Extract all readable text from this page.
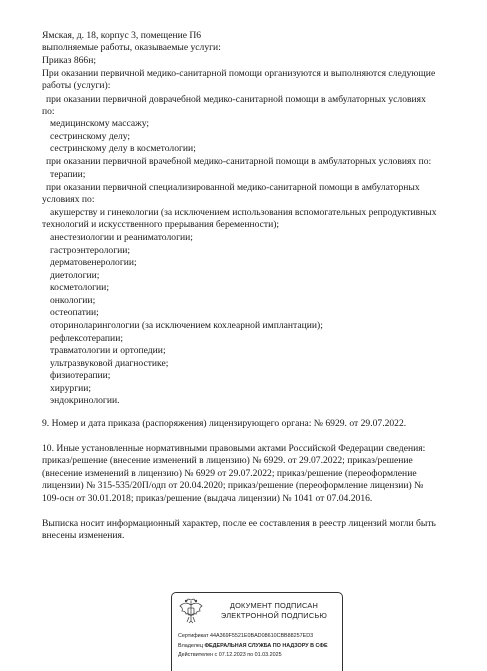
Ямская, д. 18, корпус 3, помещение П6
выполняемые работы, оказываемые услуги:
Приказ 866н;
При оказании первичной медико-санитарной помощи организуются и выполняются следующие
работы (услуги):
при оказании первичной доврачебной медико-санитарной помощи в амбулаторных условиях
по:
медицинскому массажу;
сестринскому делу;
сестринскому делу в косметологии;
при оказании первичной врачебной медико-санитарной помощи в амбулаторных условиях по:
терапии;
при оказании первичной специализированной медико-санитарной помощи в амбулаторных
условиях по:
акушерству и гинекологии (за исключением использования вспомогательных репродуктивных
технологий и искусственного прерывания беременности);
анестезиологии и реаниматологии;
гастроэнтерологии;
дерматовенерологии;
диетологии;
косметологии;
онкологии;
остеопатии;
оториноларингологии (за исключением кохлеарной имплантации);
рефлексотерапии;
травматологии и ортопедии;
ультразвуковой диагностике;
физиотерапии;
хирургии;
эндокринологии.
9. Номер и дата приказа (распоряжения) лицензирующего органа: № 6929. от 29.07.2022.
10. Иные установленные нормативными правовыми актами Российской Федерации сведения:
приказ/решение (внесение изменений в лицензию) № 6929. от 29.07.2022; приказ/решение
(внесение изменений в лицензию) № 6929 от 29.07.2022; приказ/решение (переоформление
лицензии) № 315-535/20П/одп от 20.04.2020; приказ/решение (переоформление лицензии) №
109-осн от 30.01.2018; приказ/решение (выдача лицензии) № 1041 от 07.04.2016.
Выписка носит информационный характер, после ее составления в реестр лицензий могли быть
внесены изменения.
ДОКУМЕНТ ПОДПИСАН
ЭЛЕКТРОННОЙ ПОДПИСЬЮ
Сертификат 44A369F5521E0BAD08610CBB88257ED3
Владелец ФЕДЕРАЛЬНАЯ СЛУЖБА ПО НАДЗОРУ В СФЕ
Действителен с 07.12.2023 по 01.03.2025
